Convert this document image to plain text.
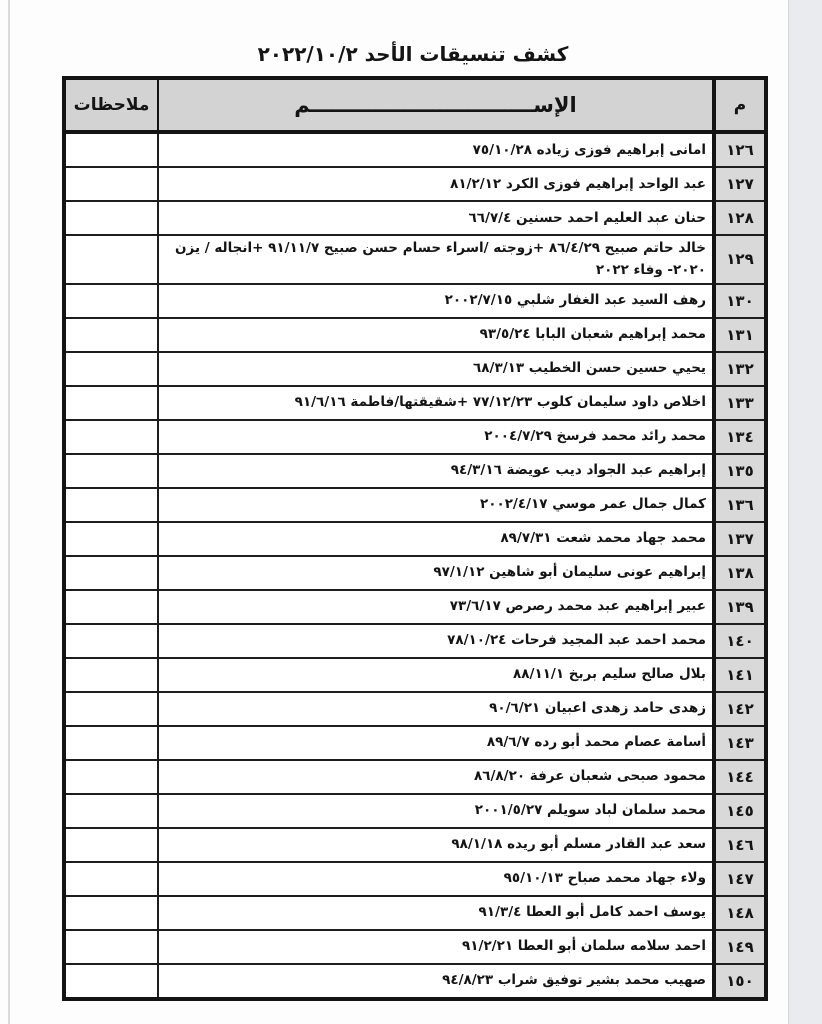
كشف تنسيقات الأحد ٢٠٢٢/١٠/٢
م	الإســـــــــــــــــــــــــــــــم	ملاحظات
١٢٦	امانى إبراهيم فوزى زياده ٧٥/١٠/٢٨	
١٢٧	عبد الواحد إبراهيم فوزى الكرد ٨١/٢/١٢	
١٢٨	حنان عبد العليم احمد حسنين ٦٦/٧/٤	
١٢٩	خالد حاتم صبيح ٨٦/٤/٢٩ +زوجته /اسراء حسام حسن صبيح ٩١/١١/٧ +انجاله / يزن ٢٠٢٠- وفاء ٢٠٢٢	
١٣٠	رهف السيد عبد الغفار شلبي ٢٠٠٢/٧/١٥	
١٣١	محمد إبراهيم شعبان البابا ٩٣/٥/٢٤	
١٣٢	يحيي حسين حسن الخطيب ٦٨/٣/١٣	
١٣٣	اخلاص داود سليمان كلوب ٧٧/١٢/٢٣ +شقيقتها/فاطمة ٩١/٦/١٦	
١٣٤	محمد رائد محمد فرسخ ٢٠٠٤/٧/٢٩	
١٣٥	إبراهيم عبد الجواد ديب عويضة ٩٤/٣/١٦	
١٣٦	كمال جمال عمر موسي ٢٠٠٢/٤/١٧	
١٣٧	محمد جهاد محمد شعت ٨٩/٧/٣١	
١٣٨	إبراهيم عونى سليمان أبو شاهين ٩٧/١/١٢	
١٣٩	عبير إبراهيم عبد محمد رصرص ٧٣/٦/١٧	
١٤٠	محمد احمد عبد المجيد فرحات ٧٨/١٠/٢٤	
١٤١	بلال صالح سليم بربخ ٨٨/١١/١	
١٤٢	زهدى حامد زهدى اعبيان ٩٠/٦/٢١	
١٤٣	أسامة عصام محمد أبو رده ٨٩/٦/٧	
١٤٤	محمود صبحى شعبان عرفة ٨٦/٨/٢٠	
١٤٥	محمد سلمان لباد سويلم ٢٠٠١/٥/٢٧	
١٤٦	سعد عبد القادر مسلم أبو ريده ٩٨/١/١٨	
١٤٧	ولاء جهاد محمد صباح ٩٥/١٠/١٣	
١٤٨	يوسف احمد كامل أبو العطا ٩١/٣/٤	
١٤٩	احمد سلامه سلمان أبو العطا ٩١/٢/٢١	
١٥٠	صهيب محمد بشير توفيق شراب ٩٤/٨/٢٣	
